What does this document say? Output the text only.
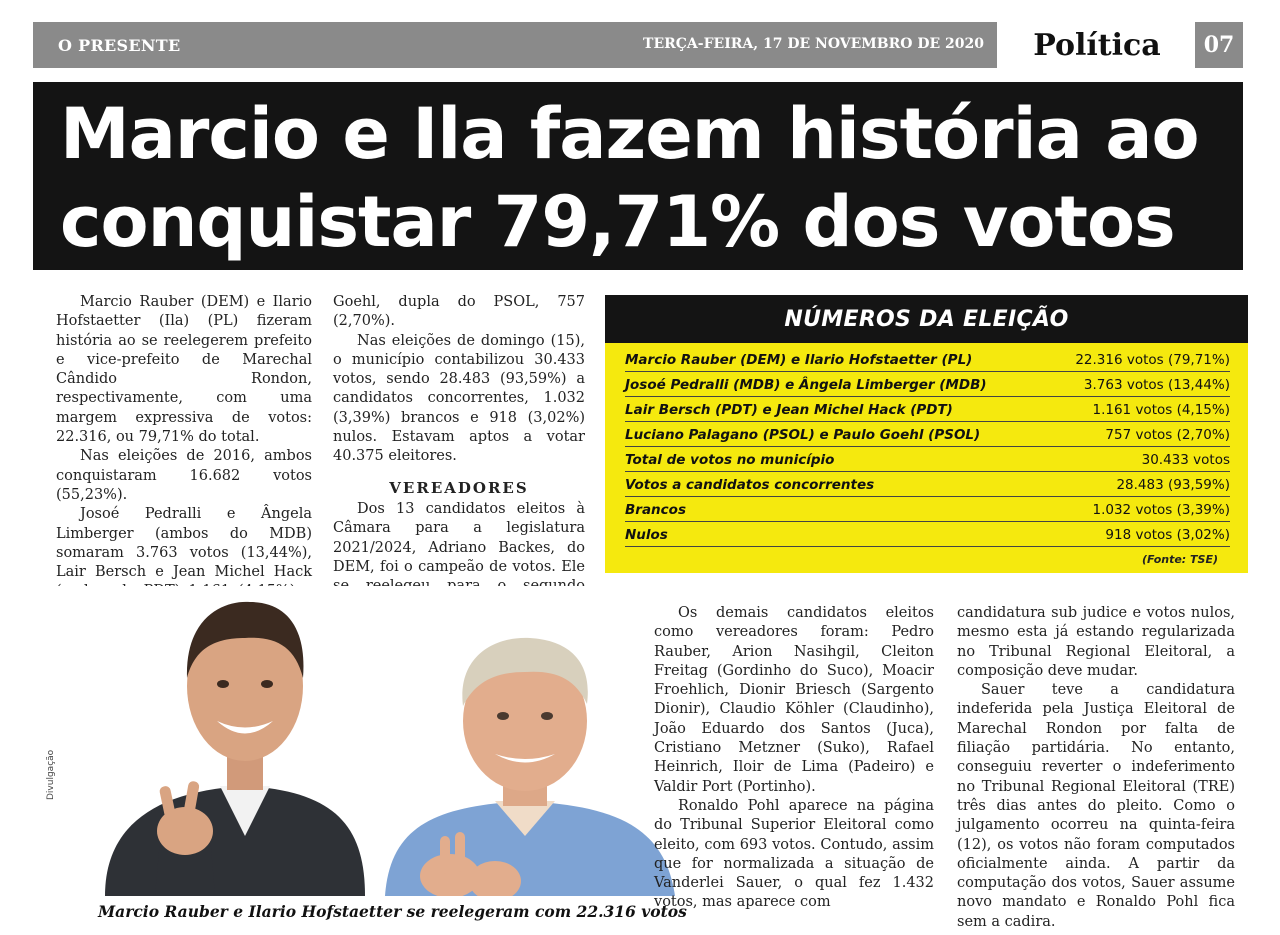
O PRESENTE	TERÇA-FEIRA, 17 DE NOVEMBRO DE 2020	Política	07
Marcio e Ila fazem história ao
conquistar 79,71% dos votos

Marcio Rauber (DEM) e Ilario Hofstaetter (Ila) (PL) fizeram história ao se reelegerem prefeito e vice-prefeito de Marechal Cândido Rondon, respectivamente, com uma margem expressiva de votos: 22.316, ou 79,71% do total.

Nas eleições de 2016, ambos conquistaram 16.682 votos (55,23%).

Josoé Pedralli e Ângela Limberger (ambos do MDB) somaram 3.763 votos (13,44%), Lair Bersch e Jean Michel Hack

Goehl, dupla do PSOL, 757 (2,70%).

Nas eleições de domingo (15), o município contabilizou 30.433 votos, sendo 28.483 (93,59%) a candidatos concorrentes, 1.032 (3,39%) brancos e 918 (3,02%) nulos. Estavam aptos a votar 40.375 eleitores.

VEREADORES

Dos 13 candidatos eleitos à Câmara para a legislatura 2021/2024, Adriano Backes, do DEM, foi o campeão de votos. Ele

NÚMEROS DA ELEIÇÃO
Marcio Rauber (DEM) e Ilario Hofstaetter (PL)	22.316 votos (79,71%)
Josoé Pedralli (MDB) e Ângela Limberger (MDB)	3.763 votos (13,44%)
Lair Bersch (PDT) e Jean Michel Hack (PDT)	1.161 votos (4,15%)
Luciano Palagano (PSOL) e Paulo Goehl (PSOL)	757 votos (2,70%)
Total de votos no município	30.433 votos
Votos a candidatos concorrentes	28.483 (93,59%)
Brancos	1.032 votos (3,39%)
Nulos	918 votos (3,02%)
(Fonte: TSE)
Divulgação
Marcio Rauber e Ilario Hofstaetter se reelegeram com 22.316 votos

Os demais candidatos eleitos como vereadores foram: Pedro Rauber, Arion Nasihgil, Cleiton Freitag (Gordinho do Suco), Moacir Froehlich, Dionir Briesch (Sargento Dionir), Claudio Köhler (Claudinho), João Eduardo dos Santos (Juca), Cristiano Metzner (Suko), Rafael Heinrich, Iloir de Lima (Padeiro) e Valdir Port (Portinho).

Ronaldo Pohl aparece na página do Tribunal Superior Eleitoral como eleito, com 693 votos. Contudo, assim que for normalizada a situação de Vanderlei Sauer, o qual fez 1.432 votos, mas aparece com

candidatura sub judice e votos nulos, mesmo esta já estando regularizada no Tribunal Regional Eleitoral, a composição deve mudar.

Sauer teve a candidatura indeferida pela Justiça Eleitoral de Marechal Rondon por falta de filiação partidária. No entanto, conseguiu reverter o indeferimento no Tribunal Regional Eleitoral (TRE) três dias antes do pleito. Como o julgamento ocorreu na quinta-feira (12), os votos não foram computados oficialmente ainda. A partir da computação dos votos, Sauer assume novo mandato e Ronaldo Pohl fica sem a cadira.
